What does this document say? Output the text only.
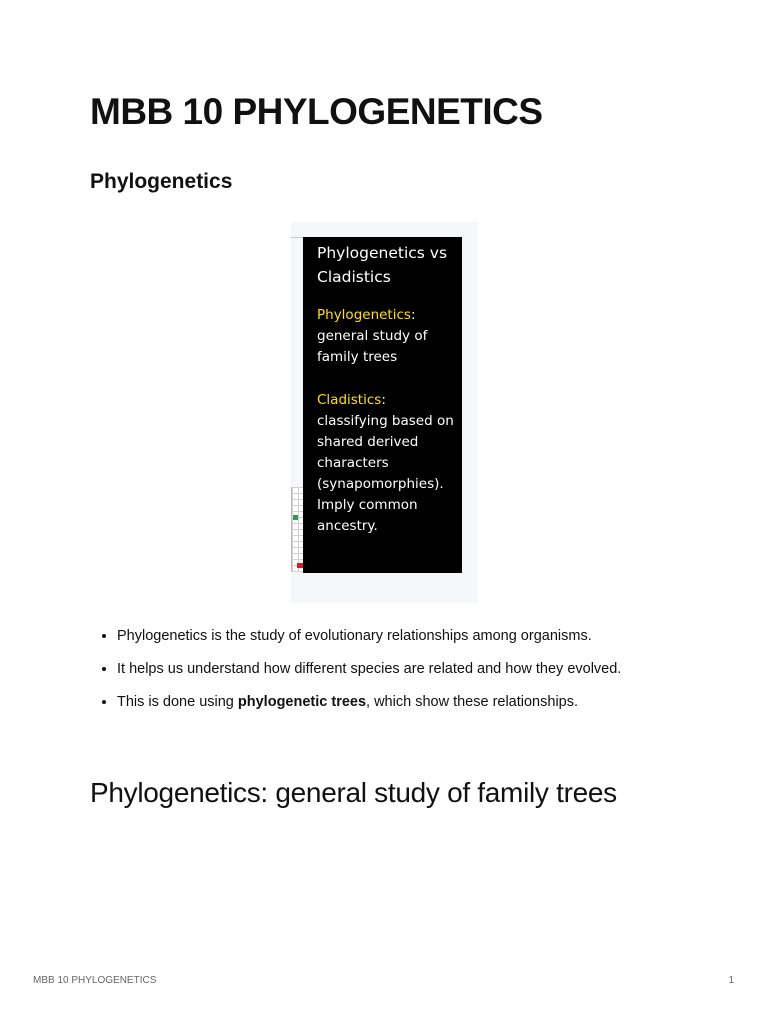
MBB 10 PHYLOGENETICS
Phylogenetics
Phylogenetics vs Cladistics
Phylogenetics:
general study of family trees
Cladistics:
classifying based on shared derived characters (synapomorphies). Imply common ancestry.
• Phylogenetics is the study of evolutionary relationships among organisms.
• It helps us understand how different species are related and how they evolved.
• This is done using phylogenetic trees, which show these relationships.
Phylogenetics: general study of family trees
MBB 10 PHYLOGENETICS	1
